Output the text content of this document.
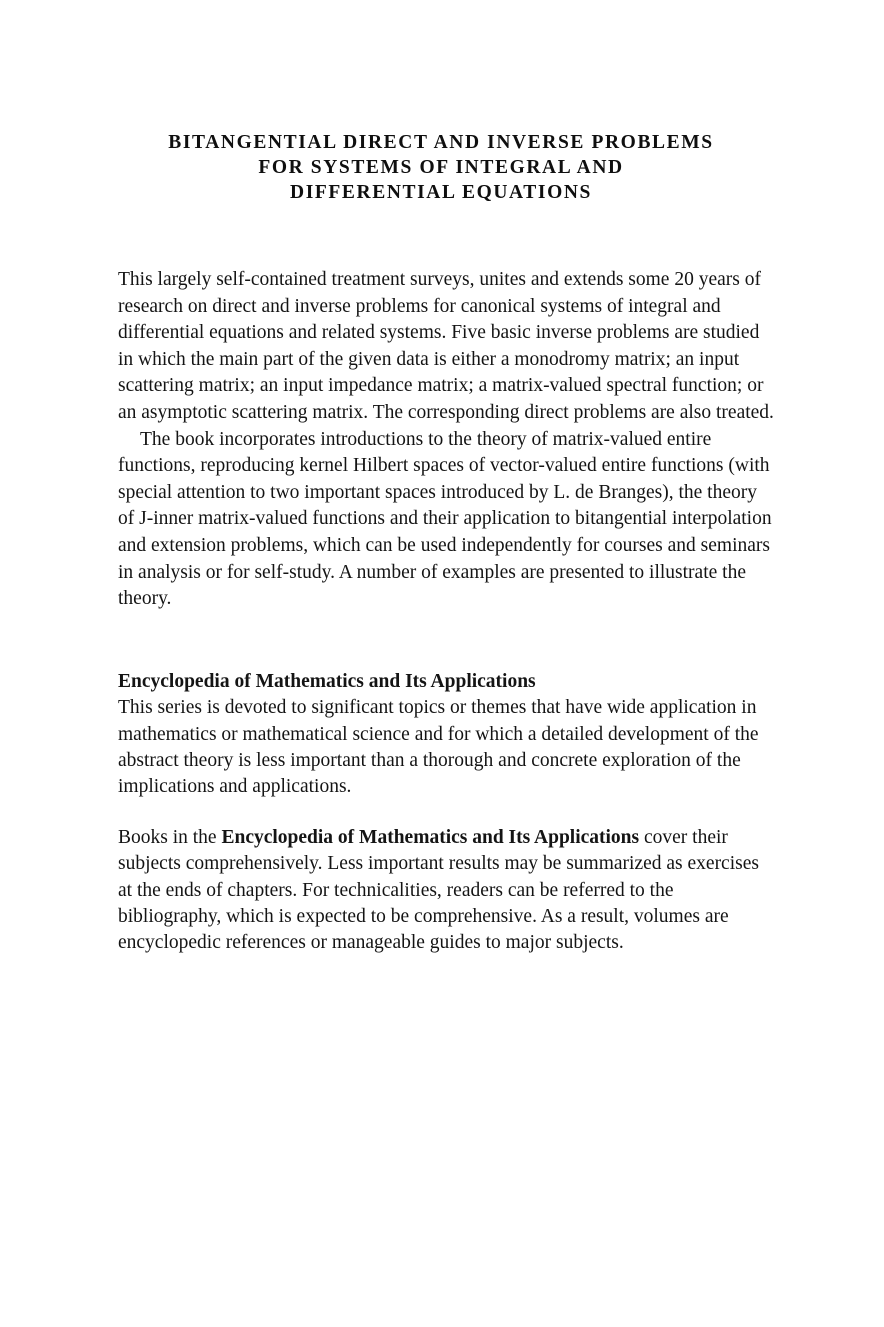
BITANGENTIAL DIRECT AND INVERSE PROBLEMS
FOR SYSTEMS OF INTEGRAL AND
DIFFERENTIAL EQUATIONS

This largely self-contained treatment surveys, unites and extends some 20 years of research on direct and inverse problems for canonical systems of integral and differential equations and related systems. Five basic inverse problems are studied in which the main part of the given data is either a monodromy matrix; an input scattering matrix; an input impedance matrix; a matrix-valued spectral function; or an asymptotic scattering matrix. The corresponding direct problems are also treated.

The book incorporates introductions to the theory of matrix-valued entire functions, reproducing kernel Hilbert spaces of vector-valued entire functions (with special attention to two important spaces introduced by L. de Branges), the theory of J-inner matrix-valued functions and their application to bitangential interpolation and extension problems, which can be used independently for courses and seminars in analysis or for self-study. A number of examples are presented to illustrate the theory.

Encyclopedia of Mathematics and Its Applications

This series is devoted to significant topics or themes that have wide application in mathematics or mathematical science and for which a detailed development of the abstract theory is less important than a thorough and concrete exploration of the implications and applications.

Books in the Encyclopedia of Mathematics and Its Applications cover their subjects comprehensively. Less important results may be summarized as exercises at the ends of chapters. For technicalities, readers can be referred to the bibliography, which is expected to be comprehensive. As a result, volumes are encyclopedic references or manageable guides to major subjects.
